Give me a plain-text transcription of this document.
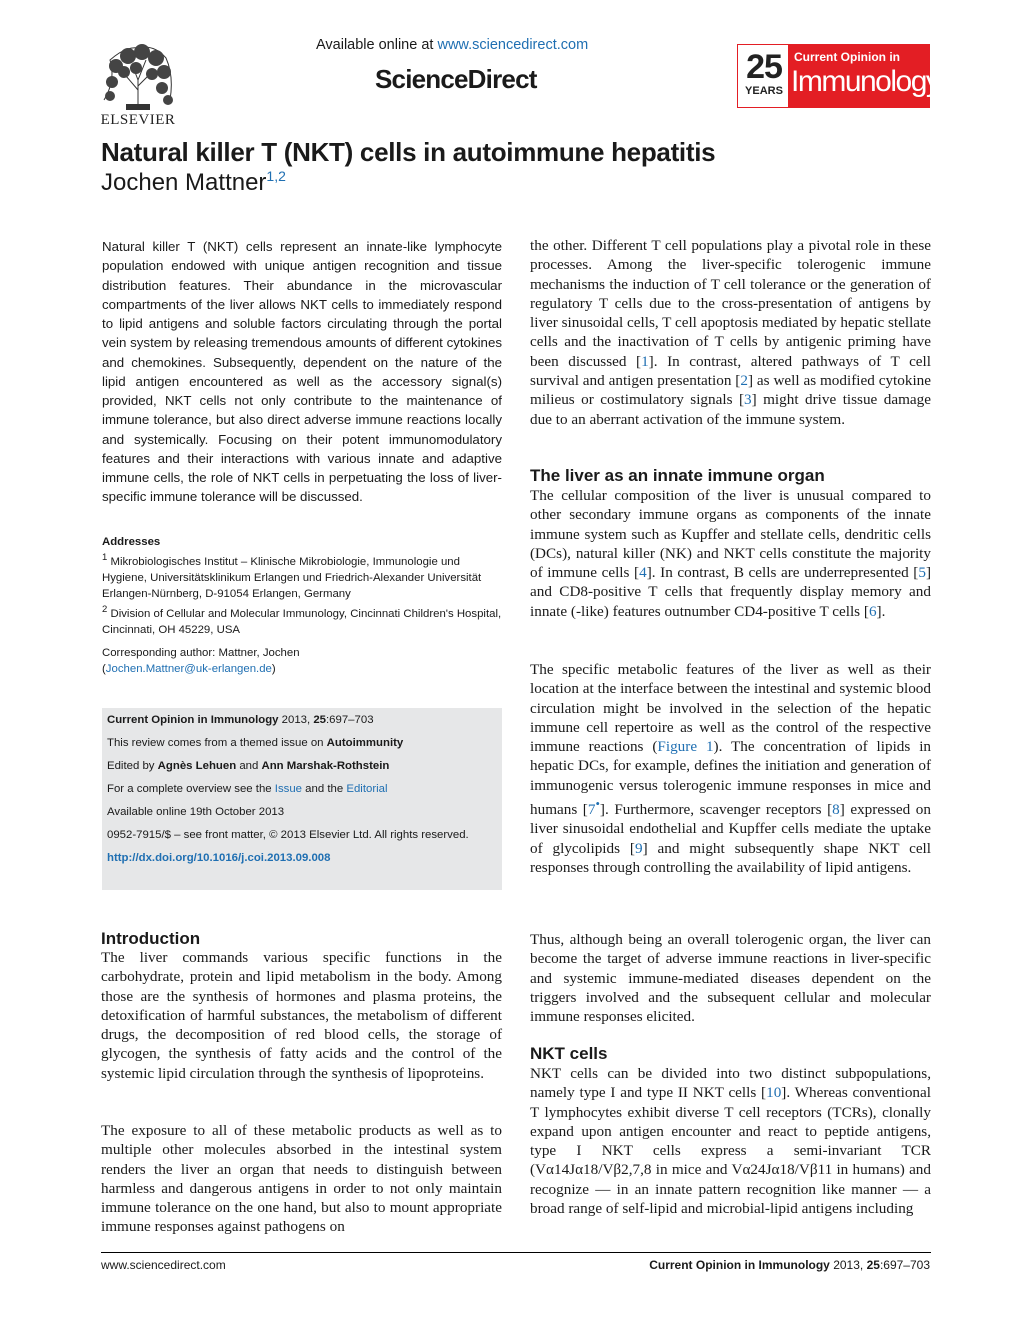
ELSEVIER
Available online at www.sciencedirect.com
ScienceDirect	25
YEARS
Current Opinion in
Immunology
Natural killer T (NKT) cells in autoimmune hepatitis
Jochen Mattner$^{1,2}$
Natural killer T (NKT) cells represent an innate-like lymphocyte population endowed with unique antigen recognition and tissue distribution features. Their abundance in the microvascular compartments of the liver allows NKT cells to immediately respond to lipid antigens and soluble factors circulating through the portal vein system by releasing tremendous amounts of different cytokines and chemokines. Subsequently, dependent on the nature of the lipid antigen encountered as well as the accessory signal(s) provided, NKT cells not only contribute to the maintenance of immune tolerance, but also direct adverse immune reactions locally and systemically. Focusing on their potent immunomodulatory features and their interactions with various innate and adaptive immune cells, the role of NKT cells in perpetuating the loss of liver-specific immune tolerance will be discussed.
Addresses
$^1$ Mikrobiologisches Institut – Klinische Mikrobiologie, Immunologie und Hygiene, Universitätsklinikum Erlangen und Friedrich-Alexander Universität Erlangen-Nürnberg, D-91054 Erlangen, Germany
$^2$ Division of Cellular and Molecular Immunology, Cincinnati Children's Hospital, Cincinnati, OH 45229, USA
Corresponding author: Mattner, Jochen
(Jochen.Mattner@uk-erlangen.de)
Current Opinion in Immunology 2013, 25:697–703
This review comes from a themed issue on Autoimmunity
Edited by Agnès Lehuen and Ann Marshak-Rothstein
For a complete overview see the Issue and the Editorial
Available online 19th October 2013
0952-7915/$ – see front matter, © 2013 Elsevier Ltd. All rights reserved.
http://dx.doi.org/10.1016/j.coi.2013.09.008
Introduction
The liver commands various specific functions in the carbohydrate, protein and lipid metabolism in the body. Among those are the synthesis of hormones and plasma proteins, the detoxification of harmful substances, the metabolism of different drugs, the decomposition of red blood cells, the storage of glycogen, the synthesis of fatty acids and the control of the systemic lipid circulation through the synthesis of lipoproteins.
The exposure to all of these metabolic products as well as to multiple other molecules absorbed in the intestinal system renders the liver an organ that needs to distinguish between harmless and dangerous antigens in order to not only maintain immune tolerance on the one hand, but also to mount appropriate immune responses against pathogens on
the other. Different T cell populations play a pivotal role in these processes. Among the liver-specific tolerogenic immune mechanisms the induction of T cell tolerance or the generation of regulatory T cells due to the cross-presentation of antigens by liver sinusoidal cells, T cell apoptosis mediated by hepatic stellate cells and the inactivation of T cells by antigenic priming have been discussed [1]. In contrast, altered pathways of T cell survival and antigen presentation [2] as well as modified cytokine milieus or costimulatory signals [3] might drive tissue damage due to an aberrant activation of the immune system.
The liver as an innate immune organ
The cellular composition of the liver is unusual compared to other secondary immune organs as components of the innate immune system such as Kupffer and stellate cells, dendritic cells (DCs), natural killer (NK) and NKT cells constitute the majority of immune cells [4]. In contrast, B cells are underrepresented [5] and CD8-positive T cells that frequently display memory and innate (-like) features outnumber CD4-positive T cells [6].
The specific metabolic features of the liver as well as their location at the interface between the intestinal and systemic blood circulation might be involved in the selection of the hepatic immune cell repertoire as well as the control of the respective immune reactions (Figure 1). The concentration of lipids in hepatic DCs, for example, defines the initiation and generation of immunogenic versus tolerogenic immune responses in mice and humans [7•]. Furthermore, scavenger receptors [8] expressed on liver sinusoidal endothelial and Kupffer cells mediate the uptake of glycolipids [9] and might subsequently shape NKT cell responses through controlling the availability of lipid antigens.
Thus, although being an overall tolerogenic organ, the liver can become the target of adverse immune reactions in liver-specific and systemic immune-mediated diseases dependent on the triggers involved and the subsequent cellular and molecular immune responses elicited.
NKT cells
NKT cells can be divided into two distinct subpopulations, namely type I and type II NKT cells [10]. Whereas conventional T lymphocytes exhibit diverse T cell receptors (TCRs), clonally expand upon antigen encounter and react to peptide antigens, type I NKT cells express a semi-invariant TCR (Vα14Jα18/Vβ2,7,8 in mice and Vα24Jα18/Vβ11 in humans) and recognize — in an innate pattern recognition like manner — a broad range of self-lipid and microbial-lipid antigens including
www.sciencedirect.com	Current Opinion in Immunology 2013, 25:697–703
